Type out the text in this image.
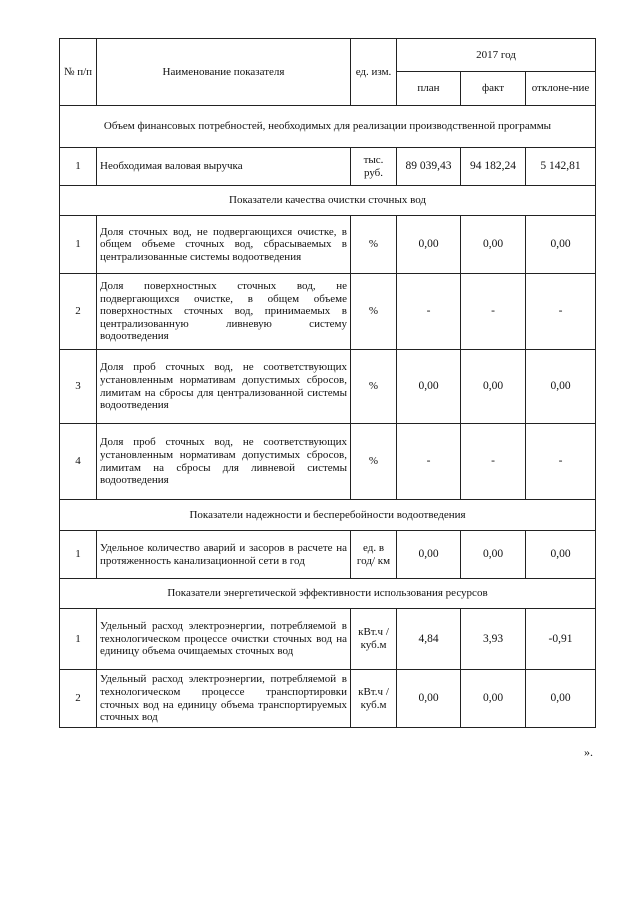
№ п/п	Наименование показателя	ед. изм.	2017 год		
			план	факт	отклоне-ние
Объем финансовых потребностей, необходимых для реализации производственной программы					
1	Необходимая валовая выручка	тыс. руб.	89 039,43	94 182,24	5 142,81
Показатели качества очистки сточных вод					
1	Доля сточных вод, не подвергающихся очистке, в общем объеме сточных вод, сбрасываемых в централизованные системы водоотведения	%	0,00	0,00	0,00
2	Доля поверхностных сточных вод, не подвергающихся очистке, в общем объеме поверхностных сточных вод, принимаемых в централизованную ливневую систему водоотведения	%	-	-	-
3	Доля проб сточных вод, не соответствующих установленным нормативам допустимых сбросов, лимитам на сбросы для централизованной системы водоотведения	%	0,00	0,00	0,00
4	Доля проб сточных вод, не соответствующих установленным нормативам допустимых сбросов, лимитам на сбросы для ливневой системы водоотведения	%	-	-	-
Показатели надежности и бесперебойности водоотведения					
1	Удельное количество аварий и засоров в расчете на протяженность канализационной сети в год	ед. в год/ км	0,00	0,00	0,00
Показатели энергетической эффективности использования ресурсов					
1	Удельный расход электроэнергии, потребляемой в технологическом процессе очистки сточных вод на единицу объема очищаемых сточных вод	кВт.ч / куб.м	4,84	3,93	-0,91
2	Удельный расход электроэнергии, потребляемой в технологическом процессе транспортировки сточных вод на единицу объема транспортируемых сточных вод	кВт.ч / куб.м	0,00	0,00	0,00
».
